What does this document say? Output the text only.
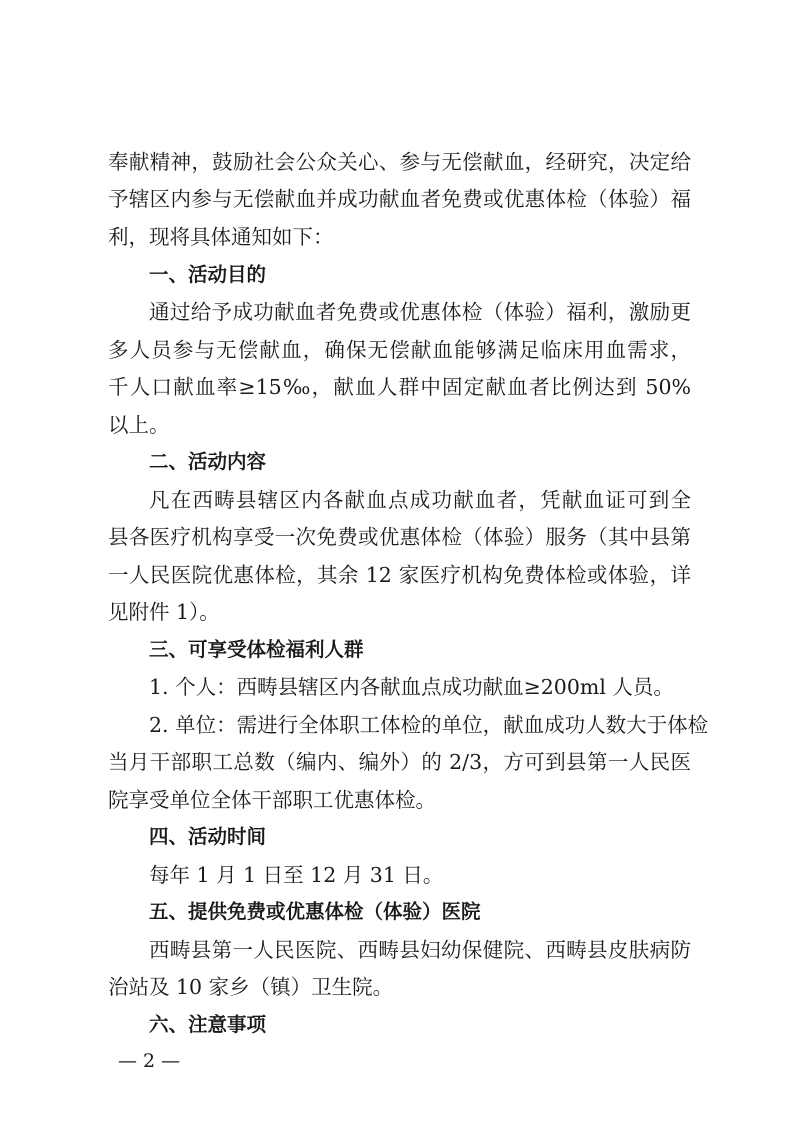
奉献精神，鼓励社会公众关心、参与无偿献血，经研究，决定给

予辖区内参与无偿献血并成功献血者免费或优惠体检（体验）福

利，现将具体通知如下：

一、活动目的

通过给予成功献血者免费或优惠体检（体验）福利，激励更

多人员参与无偿献血，确保无偿献血能够满足临床用血需求，

千人口献血率≥15‰，献血人群中固定献血者比例达到 50%

以上。

二、活动内容

凡在西畴县辖区内各献血点成功献血者，凭献血证可到全

县各医疗机构享受一次免费或优惠体检（体验）服务（其中县第

一人民医院优惠体检，其余 12 家医疗机构免费体检或体验，详

见附件 1）。

三、可享受体检福利人群

1. 个人：西畴县辖区内各献血点成功献血≥200ml 人员。

2. 单位：需进行全体职工体检的单位，献血成功人数大于体检

当月干部职工总数（编内、编外）的 2/3，方可到县第一人民医

院享受单位全体干部职工优惠体检。

四、活动时间

每年 1 月 1 日至 12 月 31 日。

五、提供免费或优惠体检（体验）医院

西畴县第一人民医院、西畴县妇幼保健院、西畴县皮肤病防

治站及 10 家乡（镇）卫生院。

六、注意事项

— 2 —
